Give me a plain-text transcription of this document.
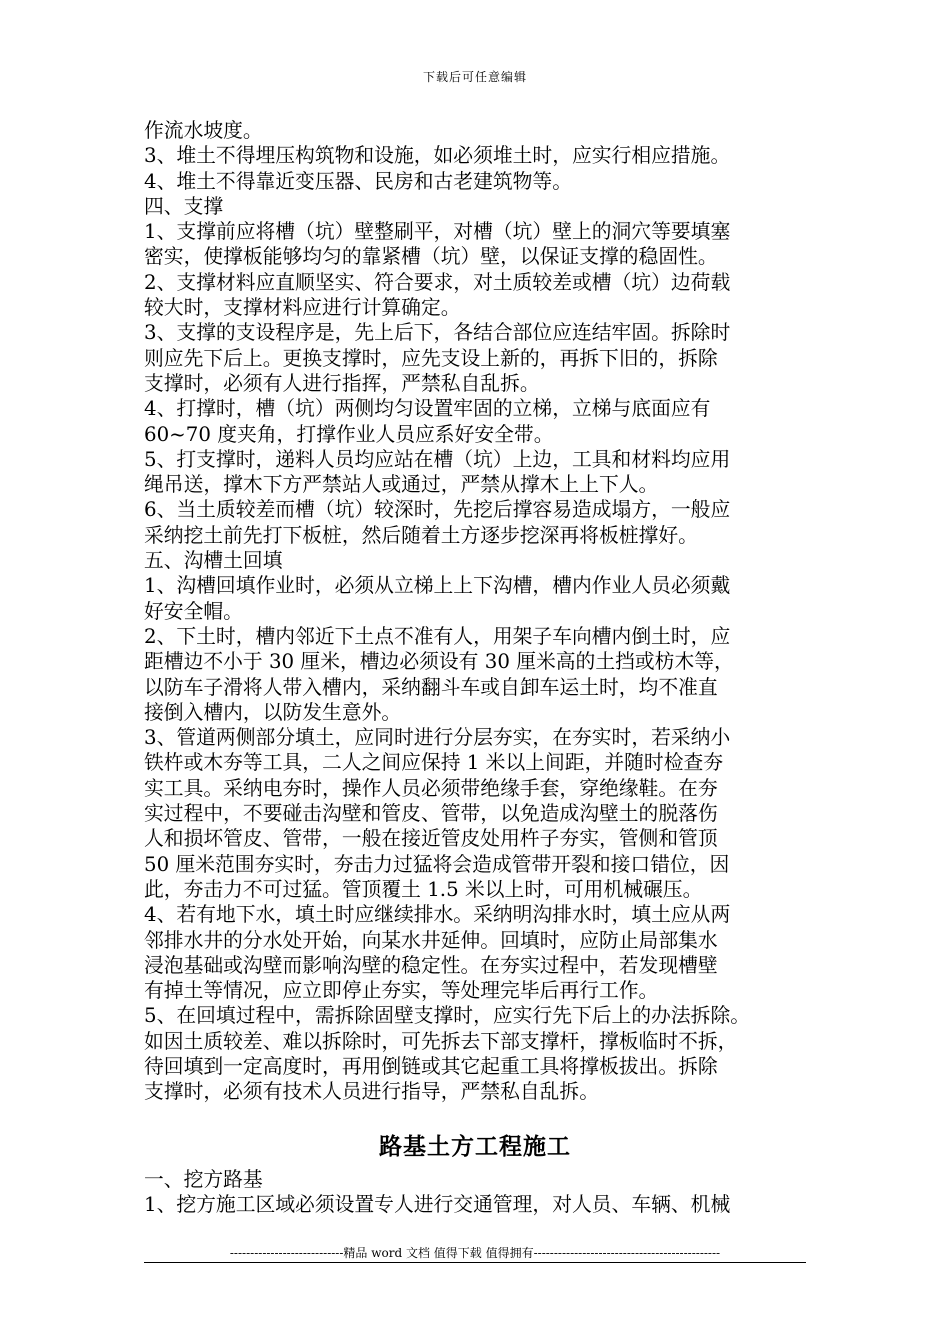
下载后可任意编辑
作流水坡度。
3、堆土不得埋压构筑物和设施，如必须堆土时，应实行相应措施。
4、堆土不得靠近变压器、民房和古老建筑物等。
四、支撑
1、支撑前应将槽（坑）壁整刷平，对槽（坑）壁上的洞穴等要填塞
密实，使撑板能够均匀的靠紧槽（坑）壁，以保证支撑的稳固性。
2、支撑材料应直顺坚实、符合要求，对土质较差或槽（坑）边荷载
较大时，支撑材料应进行计算确定。
3、支撑的支设程序是，先上后下，各结合部位应连结牢固。拆除时
则应先下后上。更换支撑时，应先支设上新的，再拆下旧的，拆除
支撑时，必须有人进行指挥，严禁私自乱拆。
4、打撑时，槽（坑）两侧均匀设置牢固的立梯，立梯与底面应有
60~70 度夹角，打撑作业人员应系好安全带。
5、打支撑时，递料人员均应站在槽（坑）上边，工具和材料均应用
绳吊送，撑木下方严禁站人或通过，严禁从撑木上上下人。
6、当土质较差而槽（坑）较深时，先挖后撑容易造成塌方，一般应
采纳挖土前先打下板桩，然后随着土方逐步挖深再将板桩撑好。
五、沟槽土回填
1、沟槽回填作业时，必须从立梯上上下沟槽，槽内作业人员必须戴
好安全帽。
2、下土时，槽内邻近下土点不准有人，用架子车向槽内倒土时，应
距槽边不小于 30 厘米，槽边必须设有 30 厘米高的土挡或枋木等，
以防车子滑将人带入槽内，采纳翻斗车或自卸车运土时，均不准直
接倒入槽内，以防发生意外。
3、管道两侧部分填土，应同时进行分层夯实，在夯实时，若采纳小
铁杵或木夯等工具，二人之间应保持 1 米以上间距，并随时检查夯
实工具。采纳电夯时，操作人员必须带绝缘手套，穿绝缘鞋。在夯
实过程中，不要碰击沟壁和管皮、管带，以免造成沟壁土的脱落伤
人和损坏管皮、管带，一般在接近管皮处用杵子夯实，管侧和管顶
50 厘米范围夯实时，夯击力过猛将会造成管带开裂和接口错位，因
此，夯击力不可过猛。管顶覆土 1.5 米以上时，可用机械碾压。
4、若有地下水，填土时应继续排水。采纳明沟排水时，填土应从两
邻排水井的分水处开始，向某水井延伸。回填时，应防止局部集水
浸泡基础或沟壁而影响沟壁的稳定性。在夯实过程中，若发现槽壁
有掉土等情况，应立即停止夯实，等处理完毕后再行工作。
5、在回填过程中，需拆除固壁支撑时，应实行先下后上的办法拆除。
如因土质较差、难以拆除时，可先拆去下部支撑杆，撑板临时不拆，
待回填到一定高度时，再用倒链或其它起重工具将撑板拔出。拆除
支撑时，必须有技术人员进行指导，严禁私自乱拆。
路基土方工程施工
一、挖方路基
1、挖方施工区域必须设置专人进行交通管理，对人员、车辆、机械
----------------------------精品 word 文档 值得下载 值得拥有----------------------------------------------
